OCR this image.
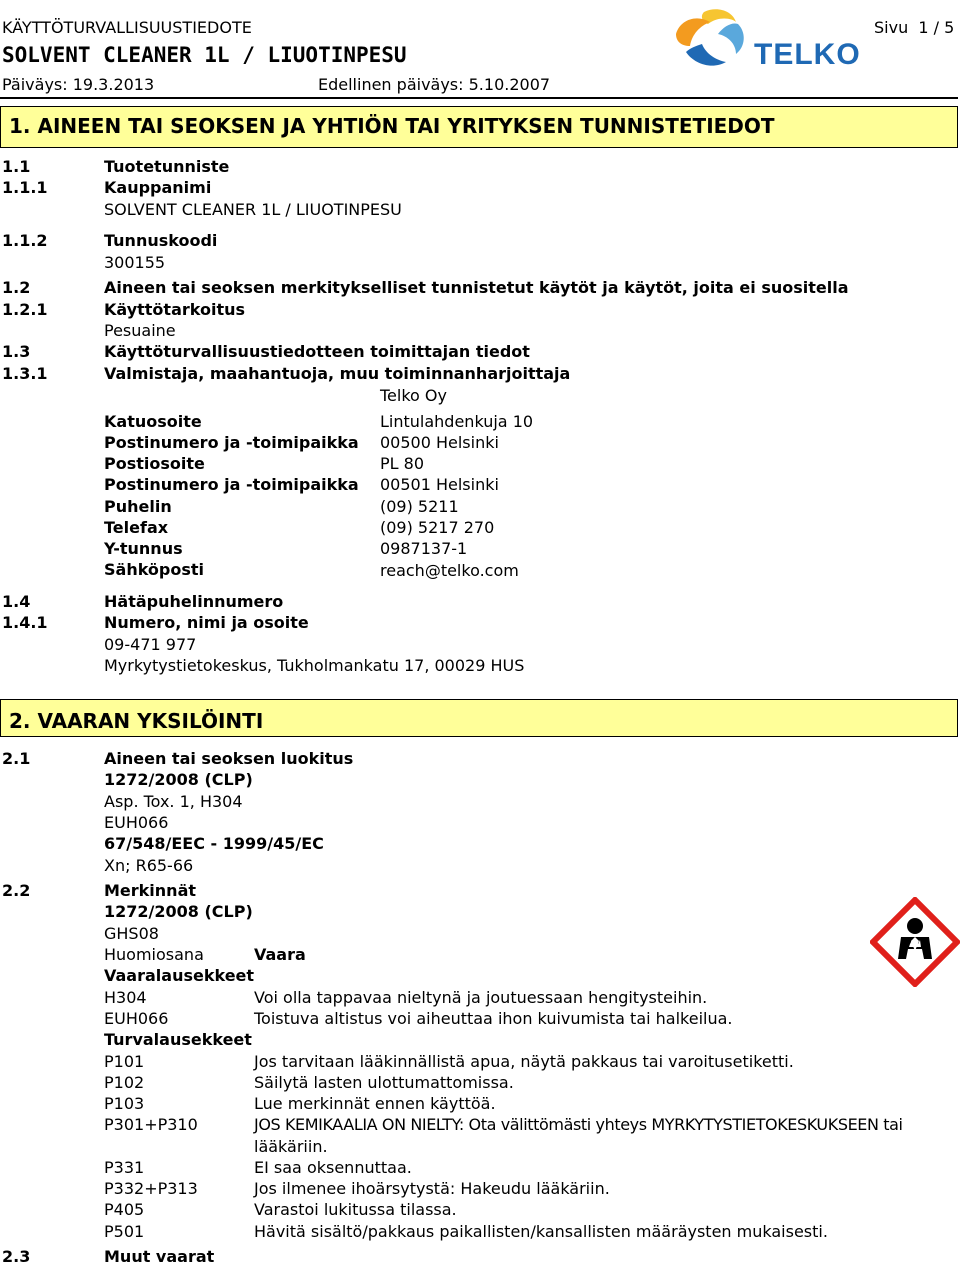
KÄYTTÖTURVALLISUUSTIEDOTE
SOLVENT CLEANER 1L / LIUOTINPESU
Päiväys: 19.3.2013	Edellinen päiväys: 5.10.2007
Sivu  1 / 5
TELKO
1. AINEEN TAI SEOKSEN JA YHTIÖN TAI YRITYKSEN TUNNISTETIEDOT
1.1	Tuotetunniste
1.1.1	Kauppanimi
SOLVENT CLEANER 1L / LIUOTINPESU
1.1.2	Tunnuskoodi
300155
1.2	Aineen tai seoksen merkitykselliset tunnistetut käytöt ja käytöt, joita ei suositella
1.2.1	Käyttötarkoitus
Pesuaine
1.3	Käyttöturvallisuustiedotteen toimittajan tiedot
1.3.1	Valmistaja, maahantuoja, muu toiminnanharjoittaja
Telko Oy
Katuosoite	Lintulahdenkuja 10
Postinumero ja -toimipaikka 00500 Helsinki
Postiosoite	PL 80
Postinumero ja -toimipaikka 00501 Helsinki
Puhelin	(09) 5211
Telefax	(09) 5217 270
Y-tunnus	0987137-1
Sähköposti	reach@telko.com
1.4	Hätäpuhelinnumero
1.4.1	Numero, nimi ja osoite
09-471 977
Myrkytystietokeskus, Tukholmankatu 17, 00029 HUS
2. VAARAN YKSILÖINTI
2.1	Aineen tai seoksen luokitus
1272/2008 (CLP)
Asp. Tox. 1, H304
EUH066
67/548/EEC - 1999/45/EC
Xn; R65-66
2.2	Merkinnät
1272/2008 (CLP)
GHS08
Huomiosana	Vaara
Vaaralausekkeet
H304	Voi olla tappavaa nieltynä ja joutuessaan hengitysteihin.
EUH066	Toistuva altistus voi aiheuttaa ihon kuivumista tai halkeilua.
Turvalausekkeet
P101	Jos tarvitaan lääkinnällistä apua, näytä pakkaus tai varoitusetiketti.
P102	Säilytä lasten ulottumattomissa.
P103	Lue merkinnät ennen käyttöä.
P301+P310	JOS KEMIKAALIA ON NIELTY: Ota välittömästi yhteys MYRKYTYSTIETOKESKUKSEEN tai
lääkäriin.
P331	EI saa oksennuttaa.
P332+P313	Jos ilmenee ihoärsytystä: Hakeudu lääkäriin.
P405	Varastoi lukitussa tilassa.
P501	Hävitä sisältö/pakkaus paikallisten/kansallisten määräysten mukaisesti.
2.3	Muut vaarat
